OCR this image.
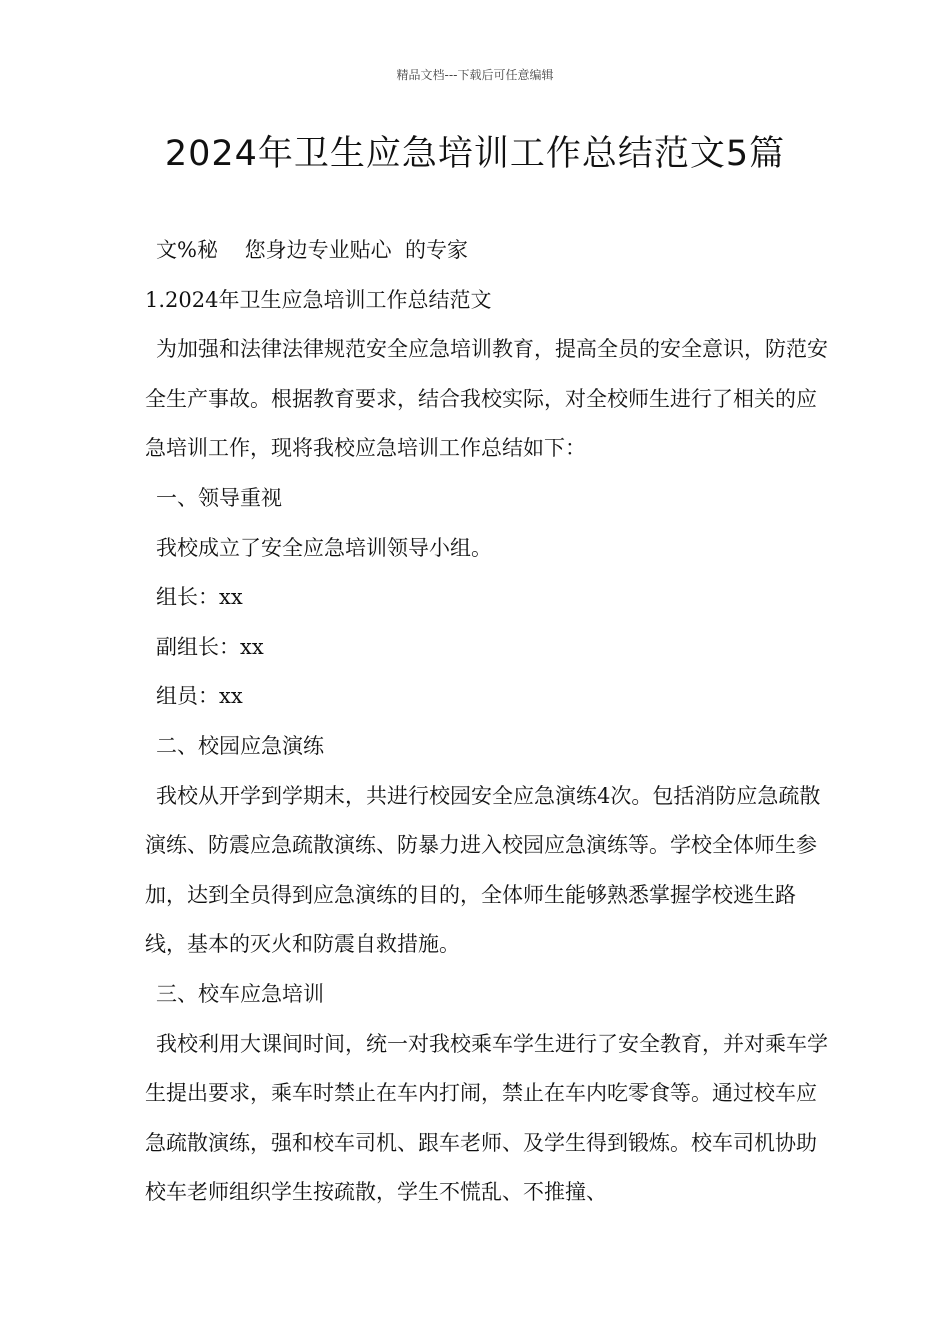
精品文档---下载后可任意编辑
2024年卫生应急培训工作总结范文5篇

文%秘    您身边专业贴心  的专家

1.2024年卫生应急培训工作总结范文

为加强和法律法律规范安全应急培训教育，提高全员的安全意识，防范安全生产事故。根据教育要求，结合我校实际，对全校师生进行了相关的应急培训工作，现将我校应急培训工作总结如下：

一、领导重视

我校成立了安全应急培训领导小组。

组长：xx

副组长：xx

组员：xx

二、校园应急演练

我校从开学到学期末，共进行校园安全应急演练4次。包括消防应急疏散演练、防震应急疏散演练、防暴力进入校园应急演练等。学校全体师生参加，达到全员得到应急演练的目的，全体师生能够熟悉掌握学校逃生路线，基本的灭火和防震自救措施。

三、校车应急培训

我校利用大课间时间，统一对我校乘车学生进行了安全教育，并对乘车学生提出要求，乘车时禁止在车内打闹，禁止在车内吃零食等。通过校车应急疏散演练，强和校车司机、跟车老师、及学生得到锻炼。校车司机协助校车老师组织学生按疏散，学生不慌乱、不推撞、
